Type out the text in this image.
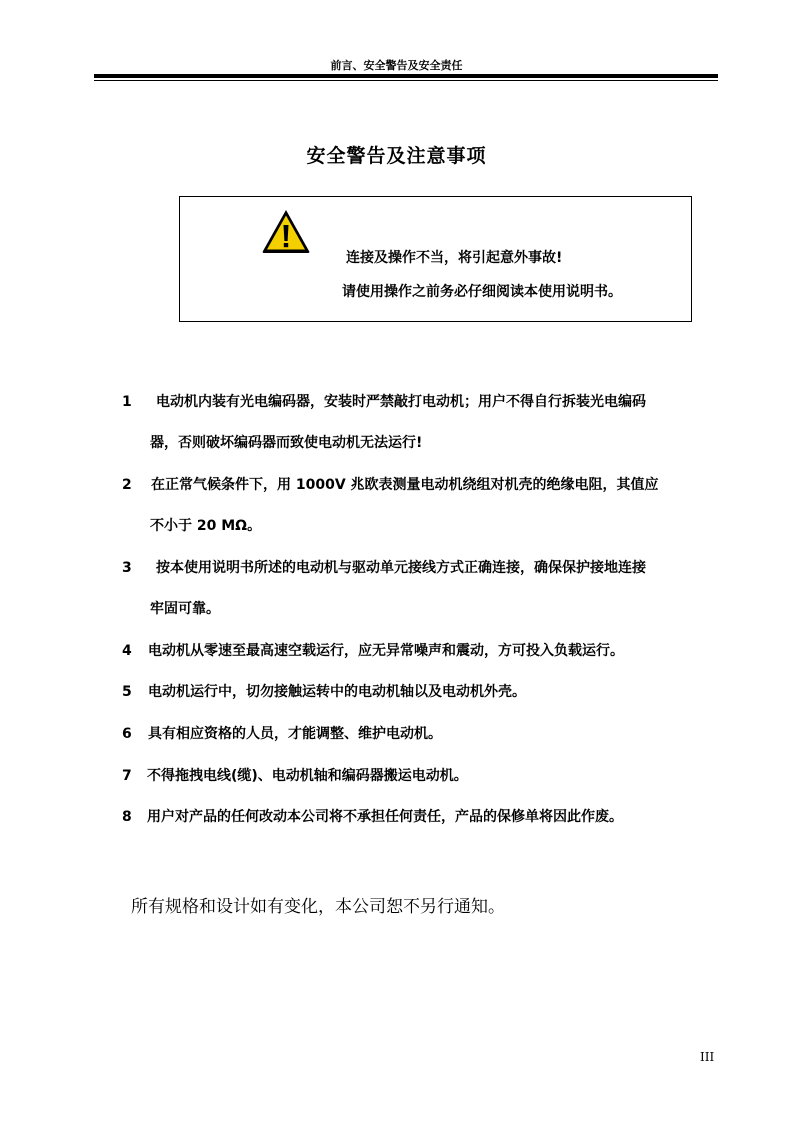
前言、安全警告及安全责任
安全警告及注意事项
连接及操作不当，将引起意外事故!
请使用操作之前务必仔细阅读本使用说明书。
1 电动机内装有光电编码器，安装时严禁敲打电动机；用户不得自行拆装光电编码
器，否则破坏编码器而致使电动机无法运行!
2 在正常气候条件下，用 1000V 兆欧表测量电动机绕组对机壳的绝缘电阻，其值应
不小于 20 MΩ。
3 按本使用说明书所述的电动机与驱动单元接线方式正确连接，确保保护接地连接
牢固可靠。
4 电动机从零速至最高速空载运行，应无异常噪声和震动，方可投入负载运行。
5 电动机运行中，切勿接触运转中的电动机轴以及电动机外壳。
6 具有相应资格的人员，才能调整、维护电动机。
7 不得拖拽电线(缆)、电动机轴和编码器搬运电动机。
8 用户对产品的任何改动本公司将不承担任何责任，产品的保修单将因此作废。
所有规格和设计如有变化，本公司恕不另行通知。
III
